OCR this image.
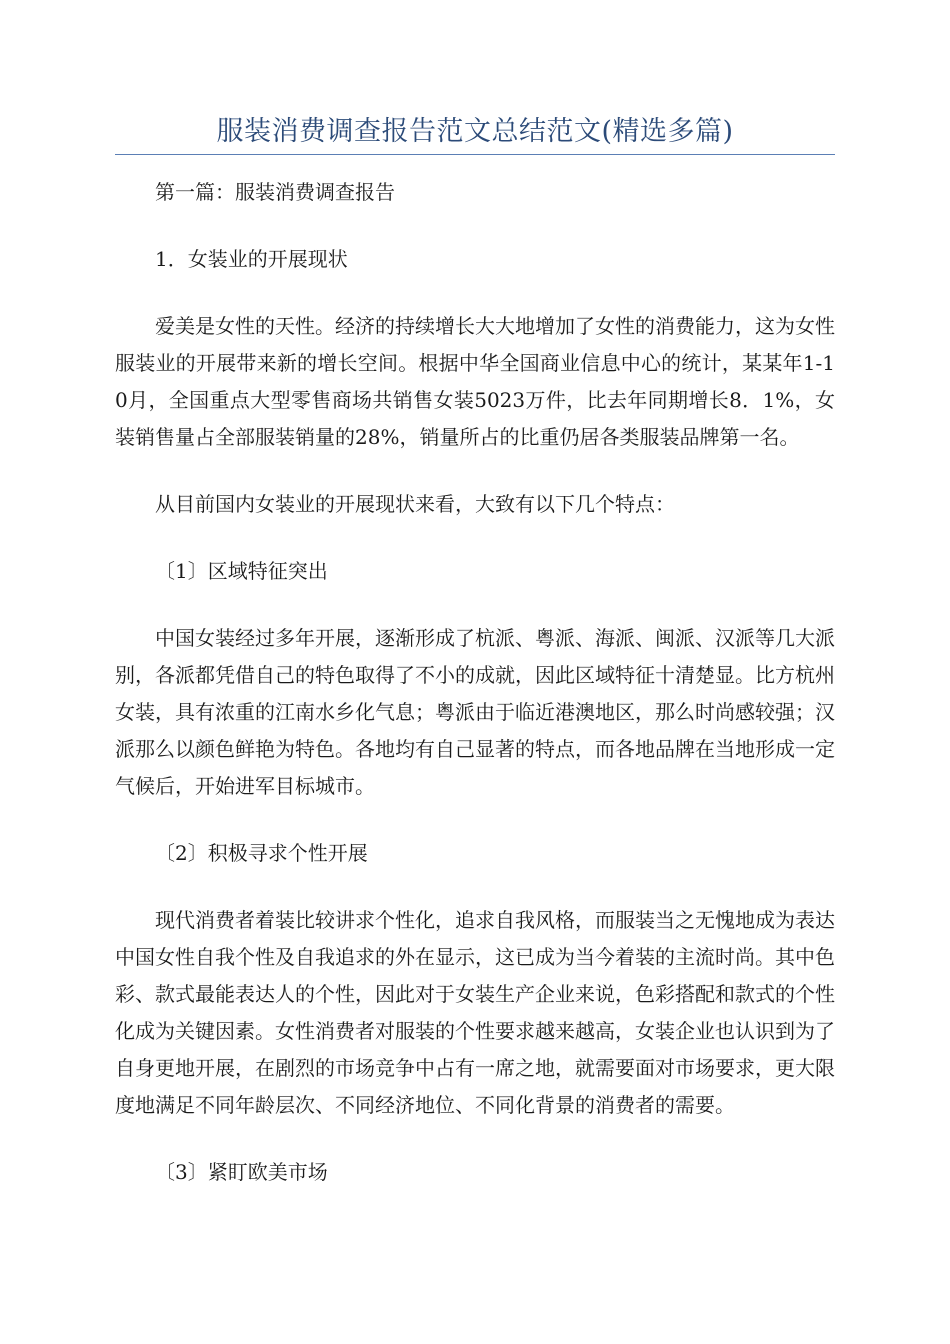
服装消费调查报告范文总结范文(精选多篇)

第一篇：服装消费调查报告

1．女装业的开展现状

爱美是女性的天性。经济的持续增长大大地增加了女性的消费能力，这为女性服装业的开展带来新的增长空间。根据中华全国商业信息中心的统计，某某年1-10月，全国重点大型零售商场共销售女装5023万件，比去年同期增长8．1%，女装销售量占全部服装销量的28%，销量所占的比重仍居各类服装品牌第一名。

从目前国内女装业的开展现状来看，大致有以下几个特点：

〔1〕区域特征突出

中国女装经过多年开展，逐渐形成了杭派、粤派、海派、闽派、汉派等几大派别，各派都凭借自己的特色取得了不小的成就，因此区域特征十清楚显。比方杭州女装，具有浓重的江南水乡化气息；粤派由于临近港澳地区，那么时尚感较强；汉派那么以颜色鲜艳为特色。各地均有自己显著的特点，而各地品牌在当地形成一定气候后，开始进军目标城市。

〔2〕积极寻求个性开展

现代消费者着装比较讲求个性化，追求自我风格，而服装当之无愧地成为表达中国女性自我个性及自我追求的外在显示，这已成为当今着装的主流时尚。其中色彩、款式最能表达人的个性，因此对于女装生产企业来说，色彩搭配和款式的个性化成为关键因素。女性消费者对服装的个性要求越来越高，女装企业也认识到为了自身更地开展，在剧烈的市场竞争中占有一席之地，就需要面对市场要求，更大限度地满足不同年龄层次、不同经济地位、不同化背景的消费者的需要。

〔3〕紧盯欧美市场
